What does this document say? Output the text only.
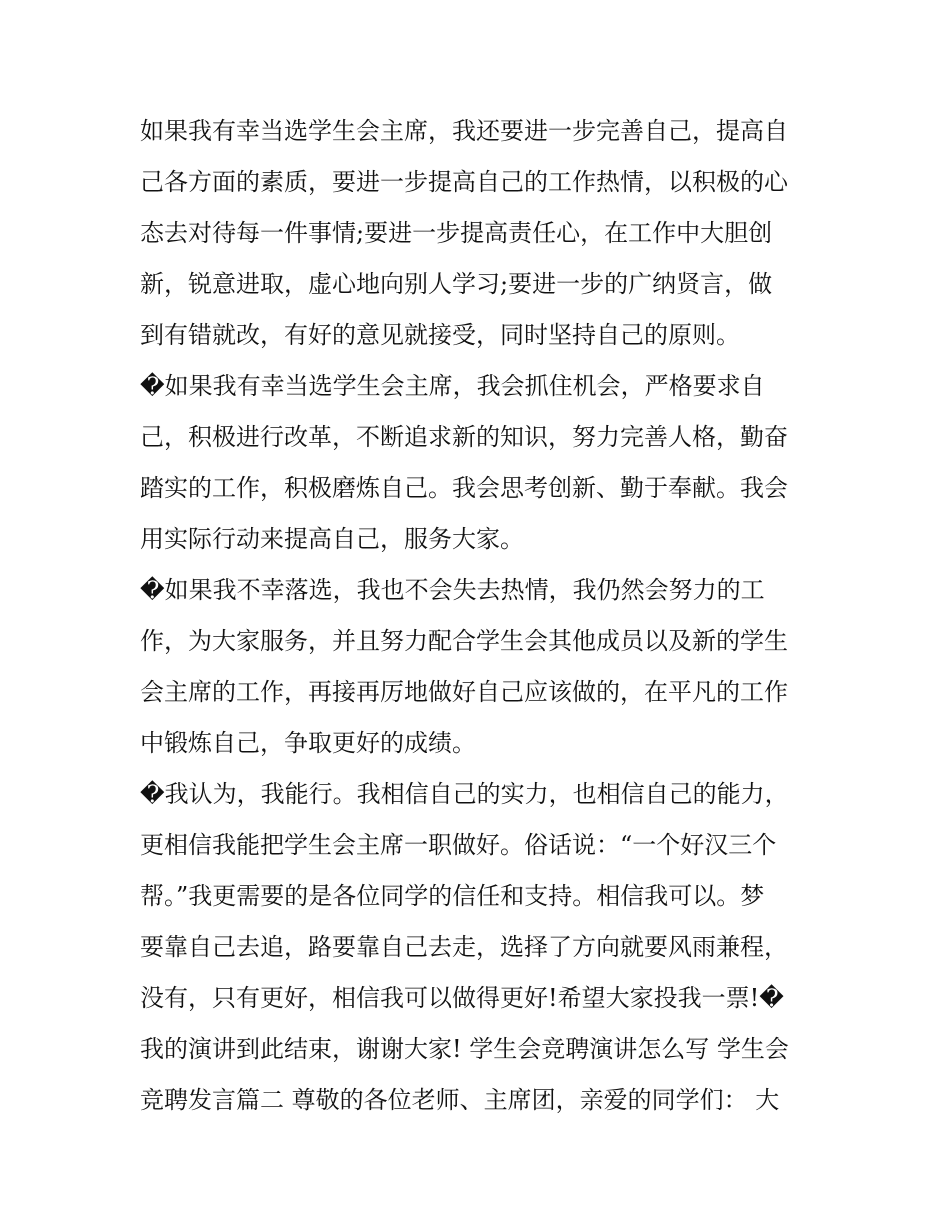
如果我有幸当选学生会主席，我还要进一步完善自己，提高自
己各方面的素质，要进一步提高自己的工作热情，以积极的心
态去对待每一件事情;要进一步提高责任心，在工作中大胆创
新，锐意进取，虚心地向别人学习;要进一步的广纳贤言，做
到有错就改，有好的意见就接受，同时坚持自己的原则。
�如果我有幸当选学生会主席，我会抓住机会，严格要求自
己，积极进行改革，不断追求新的知识，努力完善人格，勤奋
踏实的工作，积极磨炼自己。我会思考创新、勤于奉献。我会
用实际行动来提高自己，服务大家。
�如果我不幸落选，我也不会失去热情，我仍然会努力的工
作，为大家服务，并且努力配合学生会其他成员以及新的学生
会主席的工作，再接再厉地做好自己应该做的，在平凡的工作
中锻炼自己，争取更好的成绩。
�我认为，我能行。我相信自己的实力，也相信自己的能力，
更相信我能把学生会主席一职做好。俗话说：“一个好汉三个
帮。”我更需要的是各位同学的信任和支持。相信我可以。梦
要靠自己去追，路要靠自己去走，选择了方向就要风雨兼程，
没有，只有更好，相信我可以做得更好!希望大家投我一票!�
我的演讲到此结束，谢谢大家! 学生会竞聘演讲怎么写 学生会
竞聘发言篇二 尊敬的各位老师、主席团，亲爱的同学们： 大
